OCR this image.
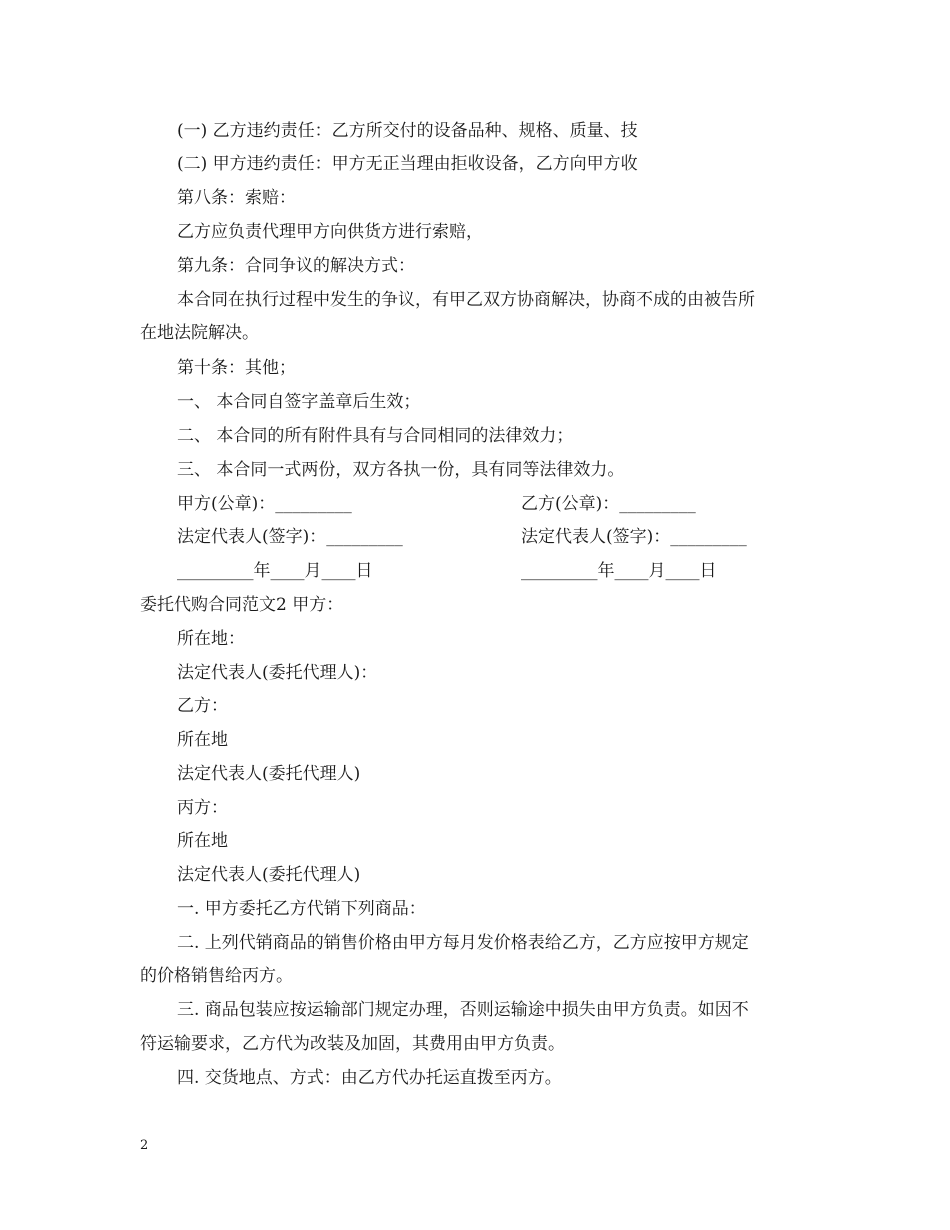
(一) 乙方违约责任：乙方所交付的设备品种、规格、质量、技
(二) 甲方违约责任：甲方无正当理由拒收设备，乙方向甲方收
第八条：索赔：
乙方应负责代理甲方向供货方进行索赔，
第九条：合同争议的解决方式：
本合同在执行过程中发生的争议，有甲乙双方协商解决，协商不成的由被告所
在地法院解决。
第十条：其他；
一、 本合同自签字盖章后生效；
二、 本合同的所有附件具有与合同相同的法律效力；
三、 本合同一式两份，双方各执一份，具有同等法律效力。
甲方(公章)：_________	乙方(公章)：_________
法定代表人(签字)：_________	法定代表人(签字)：_________
_________年____月____日	_________年____月____日
委托代购合同范文2 甲方：
所在地：
法定代表人(委托代理人)：
乙方：
所在地
法定代表人(委托代理人)
丙方：
所在地
法定代表人(委托代理人)
一. 甲方委托乙方代销下列商品：
二. 上列代销商品的销售价格由甲方每月发价格表给乙方，乙方应按甲方规定
的价格销售给丙方。
三. 商品包装应按运输部门规定办理，否则运输途中损失由甲方负责。如因不
符运输要求，乙方代为改装及加固，其费用由甲方负责。
四. 交货地点、方式：由乙方代办托运直拨至丙方。
2
